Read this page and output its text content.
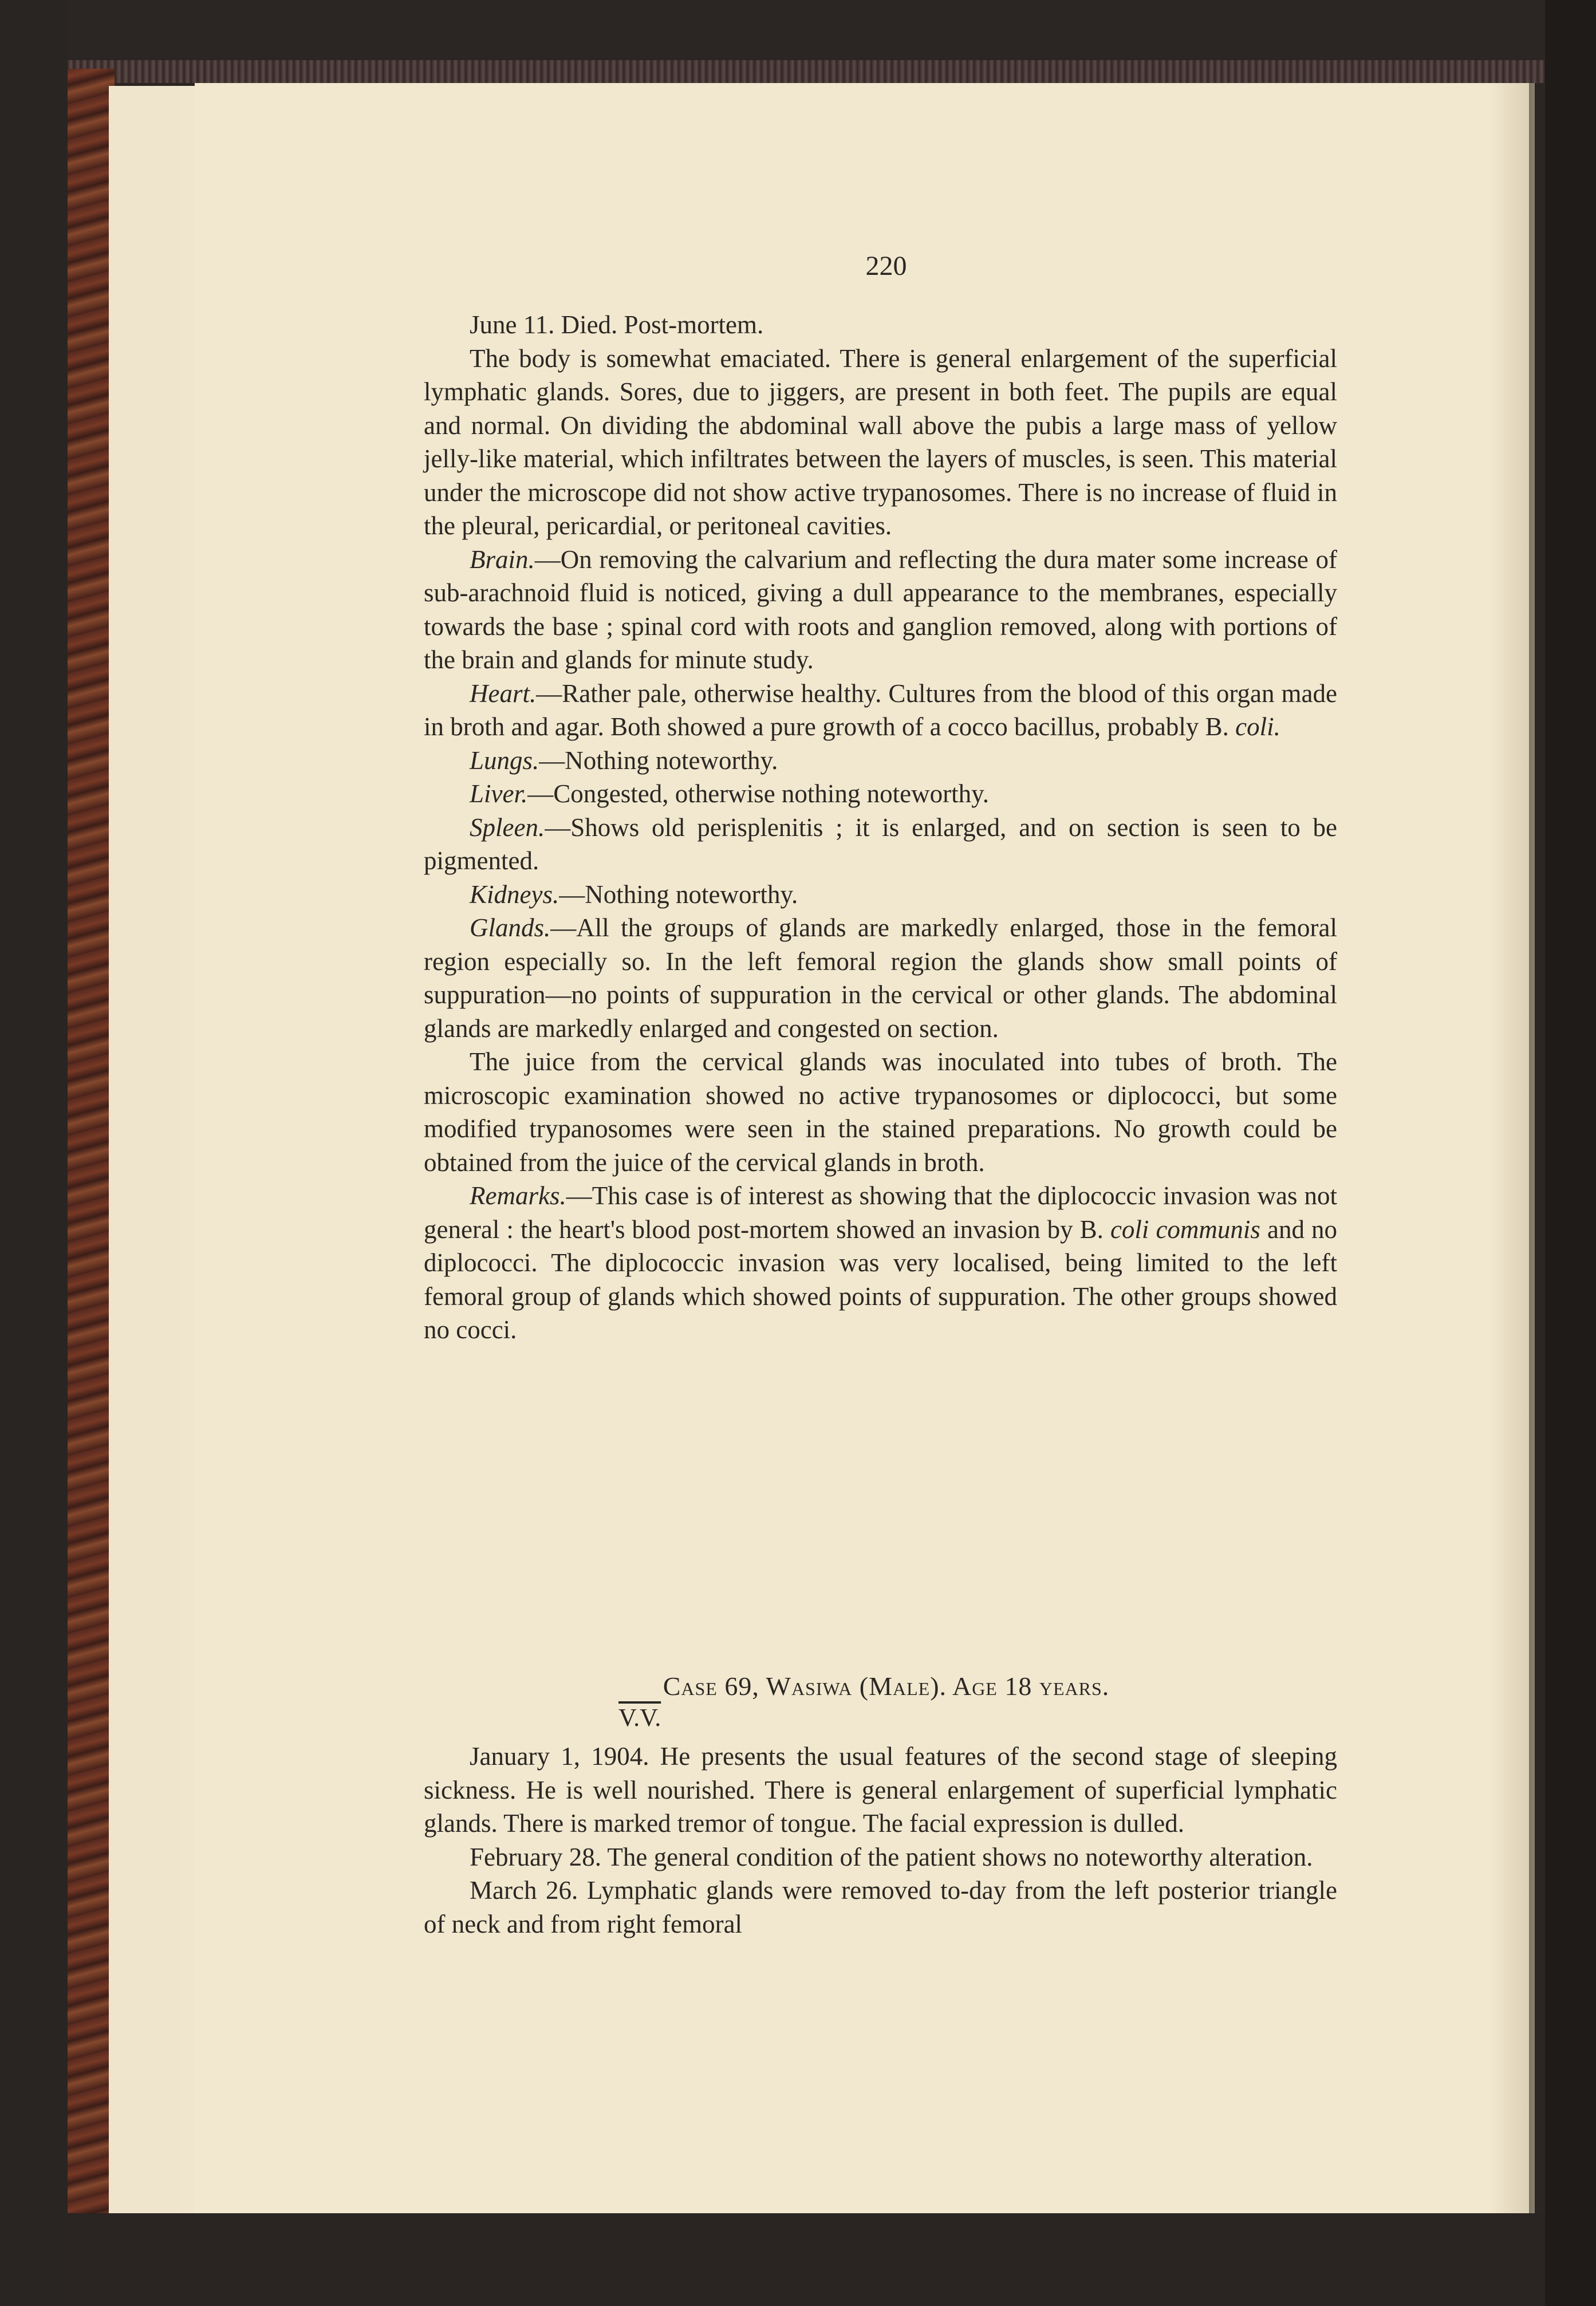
220

June 11. Died. Post-mortem.

The body is somewhat emaciated. There is general enlargement of the superficial lymphatic glands. Sores, due to jiggers, are present in both feet. The pupils are equal and normal. On dividing the abdominal wall above the pubis a large mass of yellow jelly-like material, which infiltrates between the layers of muscles, is seen. This material under the microscope did not show active trypanosomes. There is no increase of fluid in the pleural, pericardial, or peritoneal cavities.

Brain.—On removing the calvarium and reflecting the dura mater some increase of sub-arachnoid fluid is noticed, giving a dull appearance to the membranes, especially towards the base ; spinal cord with roots and ganglion removed, along with portions of the brain and glands for minute study.

Heart.—Rather pale, otherwise healthy. Cultures from the blood of this organ made in broth and agar. Both showed a pure growth of a cocco bacillus, probably B. coli.

Lungs.—Nothing noteworthy.

Liver.—Congested, otherwise nothing noteworthy.

Spleen.—Shows old perisplenitis ; it is enlarged, and on section is seen to be pigmented.

Kidneys.—Nothing noteworthy.

Glands.—All the groups of glands are markedly enlarged, those in the femoral region especially so. In the left femoral region the glands show small points of suppuration—no points of suppuration in the cervical or other glands. The abdominal glands are markedly enlarged and congested on section.

The juice from the cervical glands was inoculated into tubes of broth. The microscopic examination showed no active trypanosomes or diplococci, but some modified trypanosomes were seen in the stained preparations. No growth could be obtained from the juice of the cervical glands in broth.

Remarks.—This case is of interest as showing that the diplococcic invasion was not general : the heart's blood post-mortem showed an invasion by B. coli communis and no diplococci. The diplococcic invasion was very localised, being limited to the left femoral group of glands which showed points of suppuration. The other groups showed no cocci.

Case 69, Wasiwa (Male). Age 18 years.

V.V.

January 1, 1904. He presents the usual features of the second stage of sleeping sickness. He is well nourished. There is general enlargement of superficial lymphatic glands. There is marked tremor of tongue. The facial expression is dulled.

February 28. The general condition of the patient shows no noteworthy alteration.

March 26. Lymphatic glands were removed to-day from the left posterior triangle of neck and from right femoral
